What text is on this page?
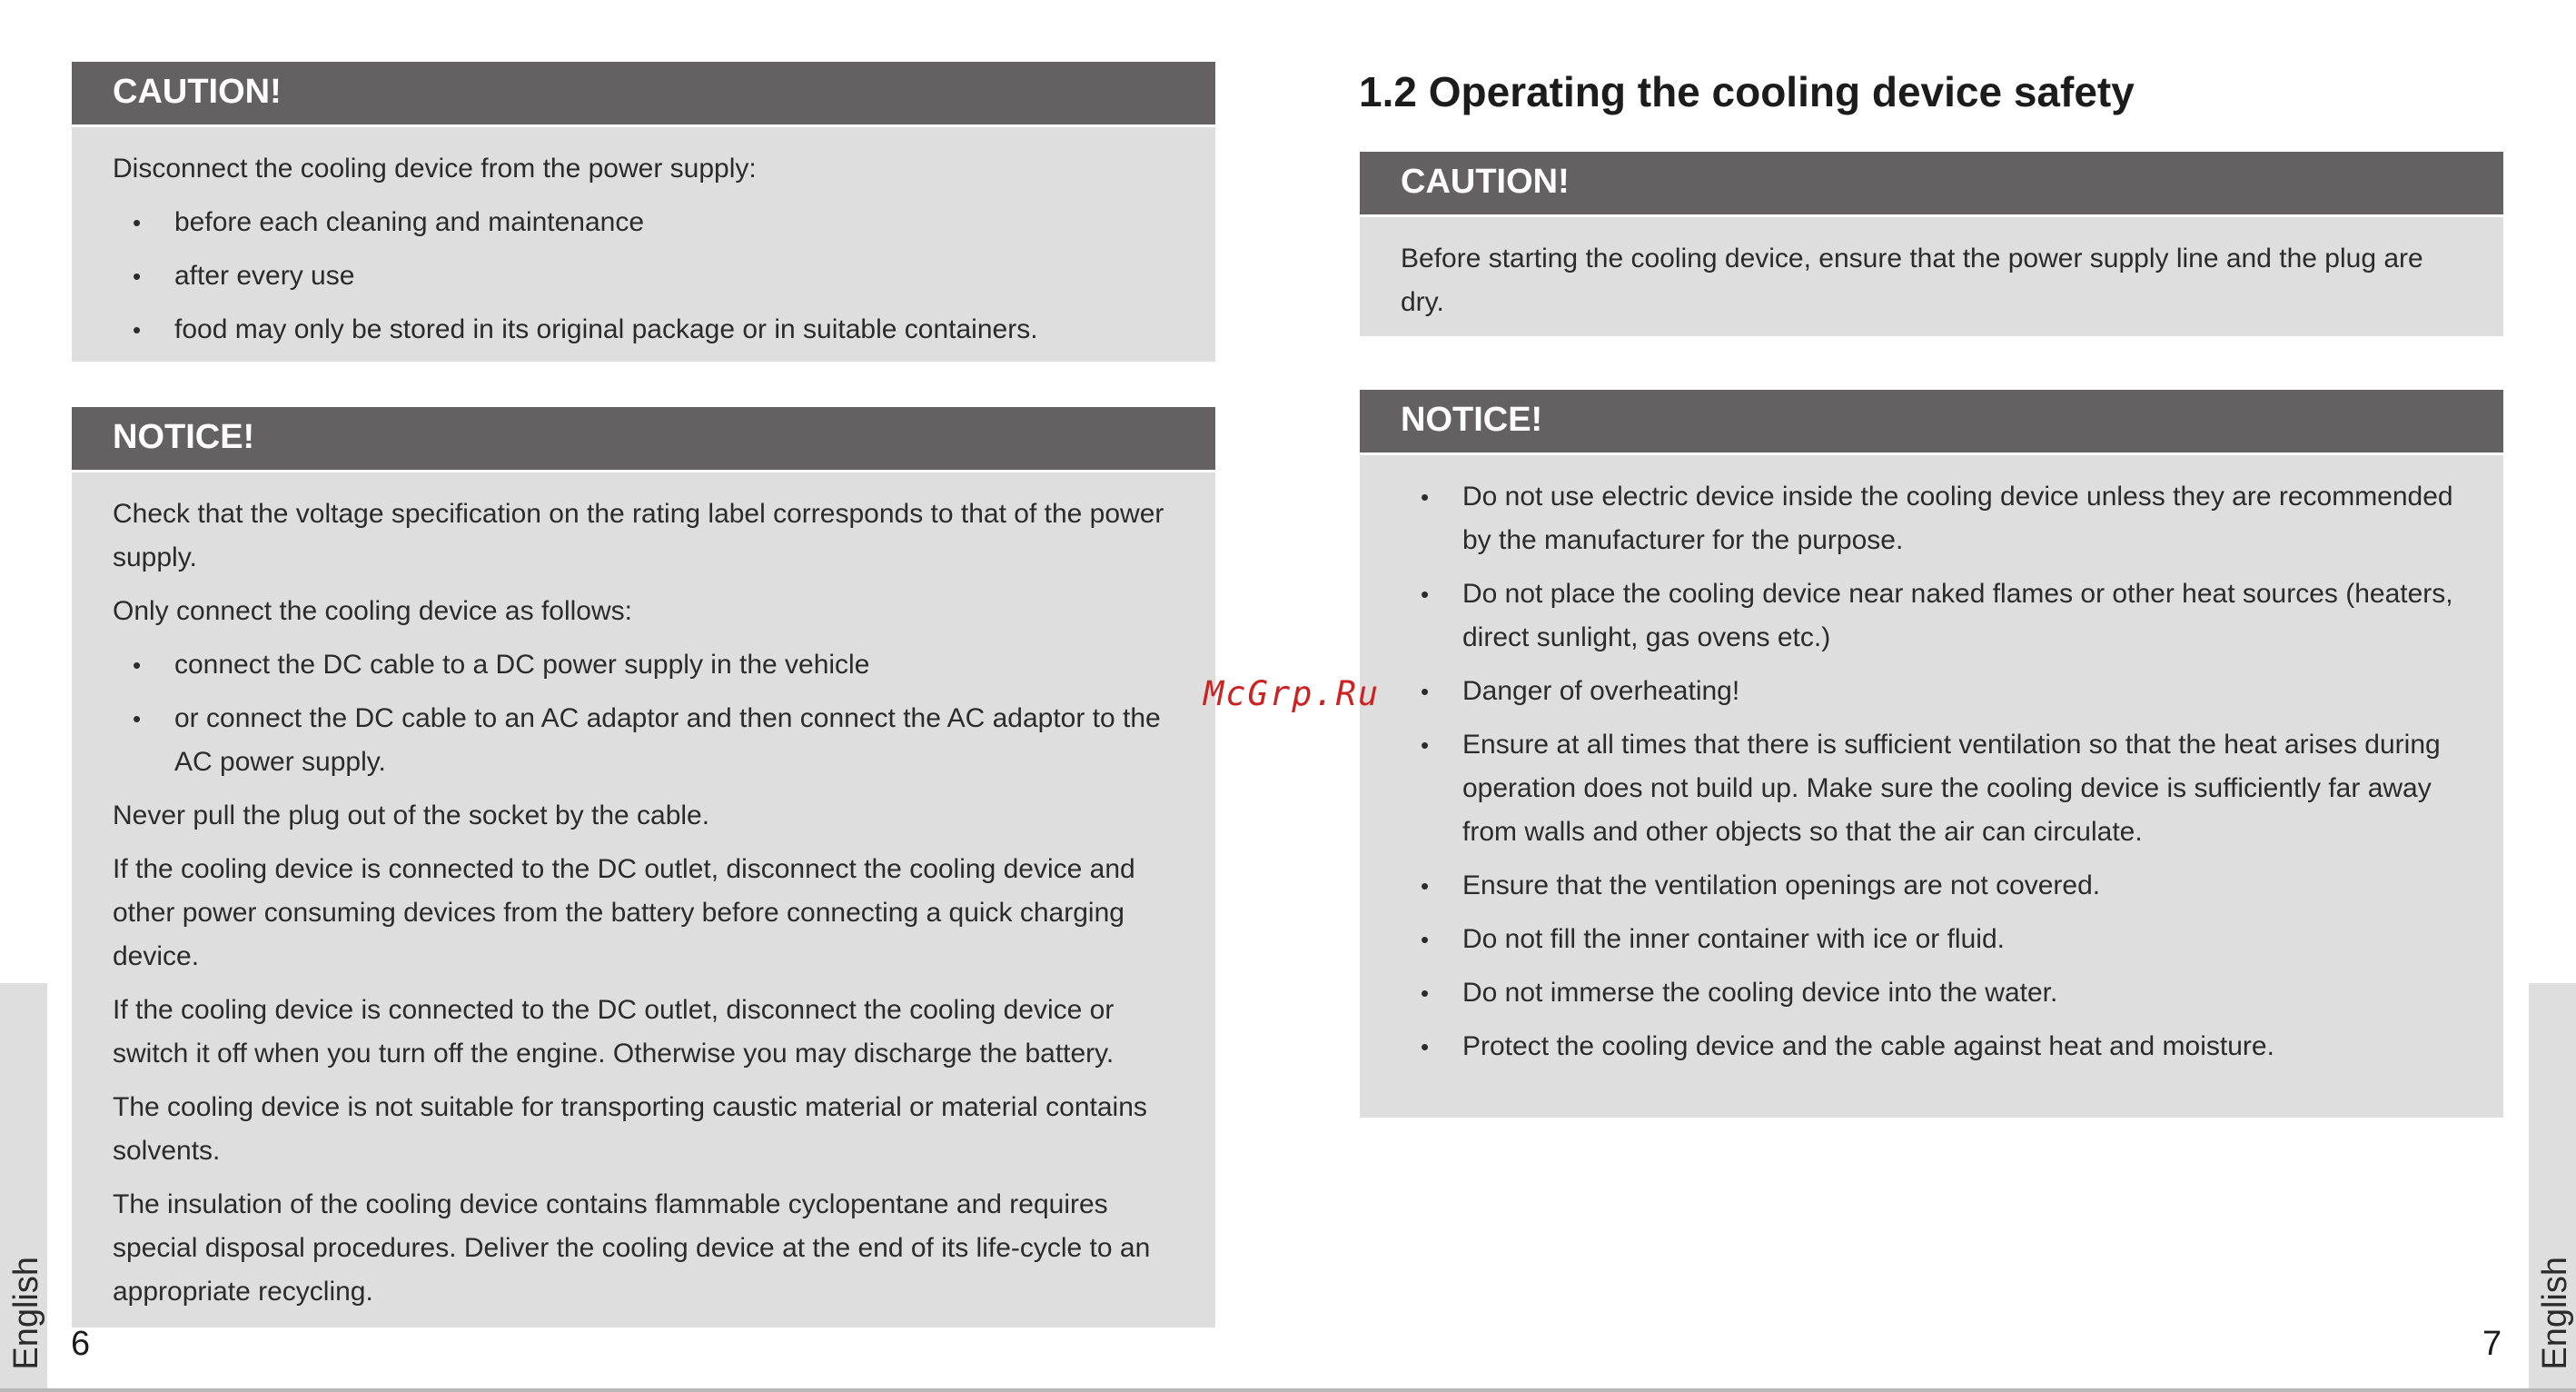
CAUTION!

Disconnect the cooling device from the power supply:

• before each cleaning and maintenance
• after every use
• food may only be stored in its original package or in suitable containers.
NOTICE!

Check that the voltage specification on the rating label corresponds to that of the power supply.

Only connect the cooling device as follows:

• connect the DC cable to a DC power supply in the vehicle
• or connect the DC cable to an AC adaptor and then connect the AC adaptor to the AC power supply.

Never pull the plug out of the socket by the cable.

If the cooling device is connected to the DC outlet, disconnect the cooling device and other power consuming devices from the battery before connecting a quick charging device.

If the cooling device is connected to the DC outlet, disconnect the cooling device or switch it off when you turn off the engine. Otherwise you may discharge the battery.

The cooling device is not suitable for transporting caustic material or material contains solvents.

The insulation of the cooling device contains flammable cyclopentane and requires special disposal procedures. Deliver the cooling device at the end of its life-cycle to an appropriate recycling.

English 6
1.2 Operating the cooling device safety
CAUTION!

Before starting the cooling device, ensure that the power supply line and the plug are dry.

NOTICE!
• Do not use electric device inside the cooling device unless they are recommended by the manufacturer for the purpose.
• Do not place the cooling device near naked flames or other heat sources (heaters, direct sunlight, gas ovens etc.)
• Danger of overheating!
• Ensure at all times that there is sufficient ventilation so that the heat arises during operation does not build up. Make sure the cooling device is sufficiently far away from walls and other objects so that the air can circulate.
• Ensure that the ventilation openings are not covered.
• Do not fill the inner container with ice or fluid.
• Do not immerse the cooling device into the water.
• Protect the cooling device and the cable against heat and moisture.
English
7
McGrp.Ru
